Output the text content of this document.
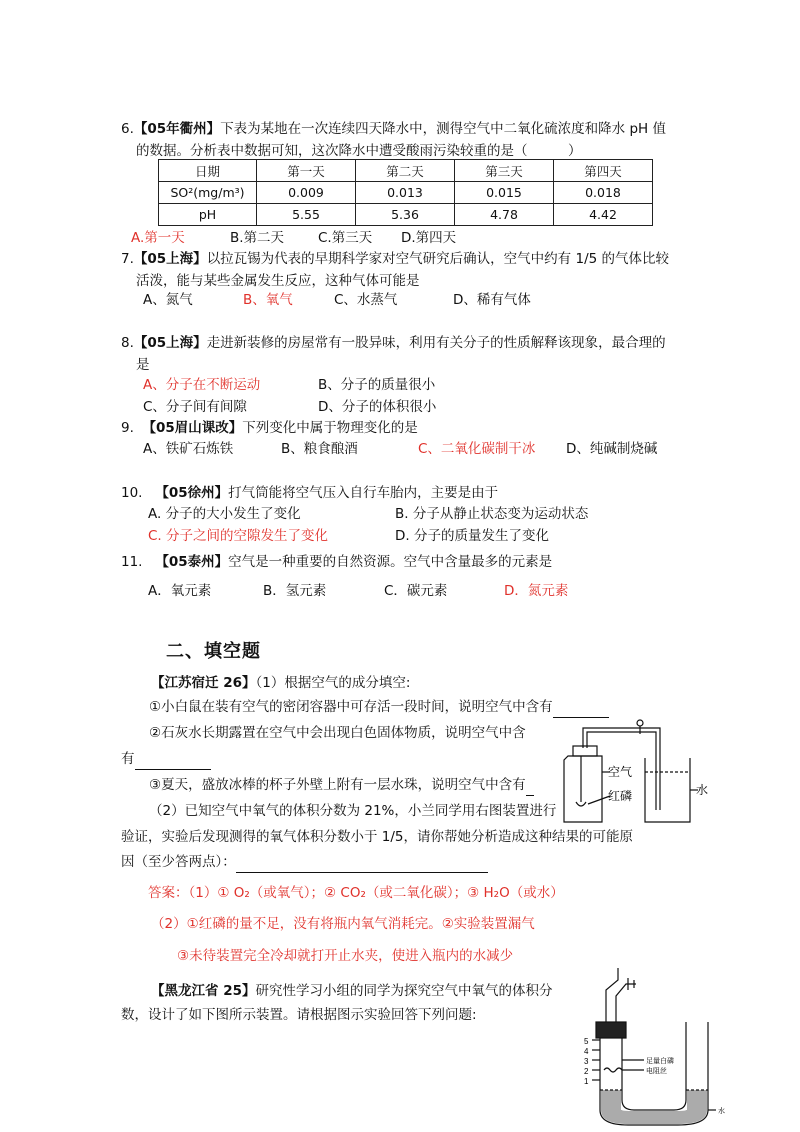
6.【05年衢州】下表为某地在一次连续四天降水中，测得空气中二氧化硫浓度和降水 pH 值
的数据。分析表中数据可知，这次降水中遭受酸雨污染较重的是（　　　）
日期	第一天	第二天	第三天	第四天
SO²(mg/m³)	0.009	0.013	0.015	0.018
pH	5.55	5.36	4.78	4.42
A.第一天	B.第二天	C.第三天 D.第四天
7.【05上海】以拉瓦锡为代表的早期科学家对空气研究后确认，空气中约有 1/5 的气体比较
活泼，能与某些金属发生反应，这种气体可能是
A、氮气	B、氧气	C、水蒸气	D、稀有气体
8.【05上海】走进新装修的房屋常有一股异味，利用有关分子的性质解释该现象，最合理的
是
A、分子在不断运动	B、分子的质量很小
C、分子间有间隙	D、分子的体积很小
9. 【05眉山课改】下列变化中属于物理变化的是
A、铁矿石炼铁	B、粮食酿酒	C、二氧化碳制干冰 D、纯碱制烧碱
10. 【05徐州】打气筒能将空气压入自行车胎内，主要是由于
A. 分子的大小发生了变化	B. 分子从静止状态变为运动状态
C. 分子之间的空隙发生了变化	D. 分子的质量发生了变化
11. 【05泰州】空气是一种重要的自然资源。空气中含量最多的元素是
A．氧元素	B．氢元素	C．碳元素	D．氮元素
二、填空题
【江苏宿迁 26】（1）根据空气的成分填空:
①小白鼠在装有空气的密闭容器中可存活一段时间，说明空气中含有
②石灰水长期露置在空气中会出现白色固体物质，说明空气中含
有
③夏天，盛放冰棒的杯子外壁上附有一层水珠，说明空气中含有
（2）已知空气中氧气的体积分数为 21%，小兰同学用右图装置进行
验证，实验后发现测得的氧气体积分数小于 1/5，请你帮她分析造成这种结果的可能原
因（至少答两点）：
答案：（1）① O₂（或氧气）；② CO₂（或二氧化碳）；③ H₂O（或水）
（2）①红磷的量不足，没有将瓶内氧气消耗完。②实验装置漏气
③未待装置完全冷却就打开止水夹，使进入瓶内的水减少
空气
红磷	水
【黑龙江省 25】研究性学习小组的同学为探究空气中氧气的体积分
数，设计了如下图所示装置。请根据图示实验回答下列问题:
5
4
3
2
1
足量白磷
电阻丝
水
